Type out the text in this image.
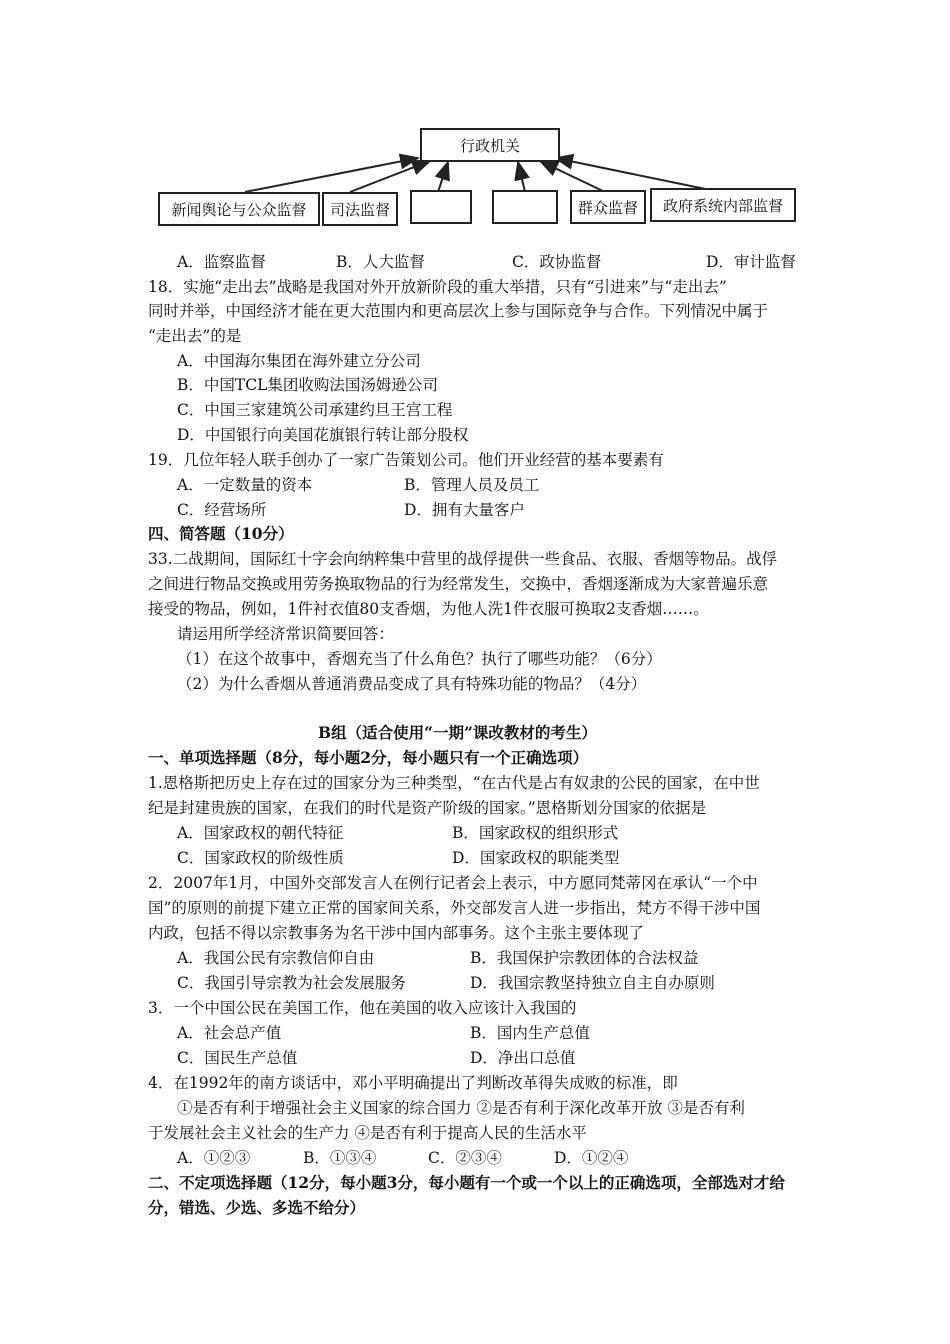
行政机关
新闻舆论与公众监督	司法监督	群众监督	政府系统内部监督
A．监察监督	B．人大监督	C．政协监督	D．审计监督
18．实施“走出去”战略是我国对外开放新阶段的重大举措，只有“引进来”与“走出去”
同时并举，中国经济才能在更大范围内和更高层次上参与国际竞争与合作。下列情况中属于
“走出去”的是
A．中国海尔集团在海外建立分公司
B．中国TCL集团收购法国汤姆逊公司
C．中国三家建筑公司承建约旦王宫工程
D．中国银行向美国花旗银行转让部分股权
19．几位年轻人联手创办了一家广告策划公司。他们开业经营的基本要素有
A．一定数量的资本	B．管理人员及员工
C．经营场所	D．拥有大量客户
四、简答题（10分）
33.二战期间，国际红十字会向纳粹集中营里的战俘提供一些食品、衣服、香烟等物品。战俘
之间进行物品交换或用劳务换取物品的行为经常发生，交换中，香烟逐渐成为大家普遍乐意
接受的物品，例如，1件衬衣值80支香烟，为他人洗1件衣服可换取2支香烟……。
请运用所学经济常识简要回答：
（1）在这个故事中，香烟充当了什么角色？执行了哪些功能？（6分）
（2）为什么香烟从普通消费品变成了具有特殊功能的物品？（4分）
B组（适合使用“一期”课改教材的考生）
一、单项选择题（8分，每小题2分，每小题只有一个正确选项）
1.恩格斯把历史上存在过的国家分为三种类型，“在古代是占有奴隶的公民的国家，在中世
纪是封建贵族的国家，在我们的时代是资产阶级的国家。”恩格斯划分国家的依据是
A．国家政权的朝代特征	B．国家政权的组织形式
C．国家政权的阶级性质	D．国家政权的职能类型
2．2007年1月，中国外交部发言人在例行记者会上表示，中方愿同梵蒂冈在承认“一个中
国”的原则的前提下建立正常的国家间关系，外交部发言人进一步指出，梵方不得干涉中国
内政，包括不得以宗教事务为名干涉中国内部事务。这个主张主要体现了
A．我国公民有宗教信仰自由	B．我国保护宗教团体的合法权益
C．我国引导宗教为社会发展服务	D．我国宗教坚持独立自主自办原则
3．一个中国公民在美国工作，他在美国的收入应该计入我国的
A．社会总产值	B．国内生产总值
C．国民生产总值	D．净出口总值
4．在1992年的南方谈话中，邓小平明确提出了判断改革得失成败的标准，即
①是否有利于增强社会主义国家的综合国力 ②是否有利于深化改革开放 ③是否有利
于发展社会主义社会的生产力 ④是否有利于提高人民的生活水平
A．①②③	B．①③④	C．②③④	D．①②④
二、不定项选择题（12分，每小题3分，每小题有一个或一个以上的正确选项，全部选对才给
分，错选、少选、多选不给分）
